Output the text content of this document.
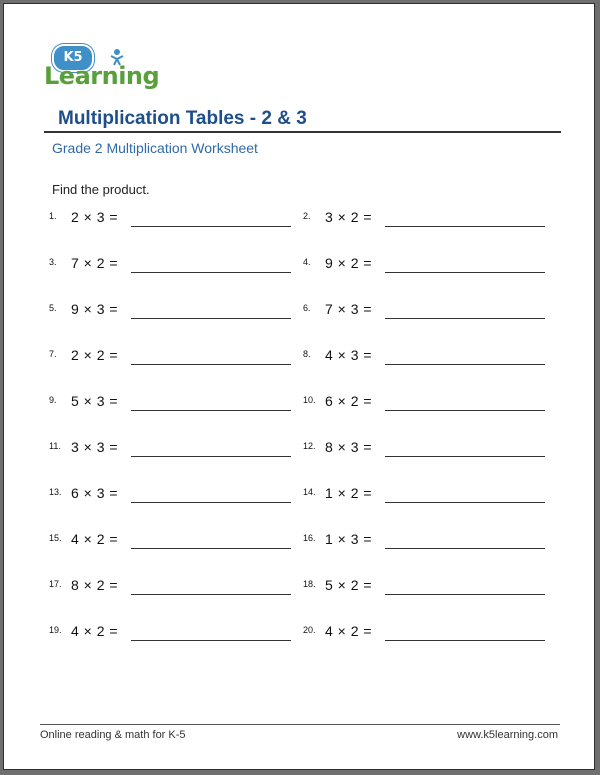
K5
Learning
Multiplication Tables - 2 & 3
Grade 2 Multiplication Worksheet
Find the product.
1. 2 × 3 =	2. 3 × 2 =
3. 7 × 2 =	4. 9 × 2 =
5. 9 × 3 =	6. 7 × 3 =
7. 2 × 2 =	8. 4 × 3 =
9. 5 × 3 =	10. 6 × 2 =
11. 3 × 3 =	12. 8 × 3 =
13. 6 × 3 =	14. 1 × 2 =
15. 4 × 2 =	16. 1 × 3 =
17. 8 × 2 =	18. 5 × 2 =
19. 4 × 2 =	20. 4 × 2 =
Online reading & math for K-5	www.k5learning.com
